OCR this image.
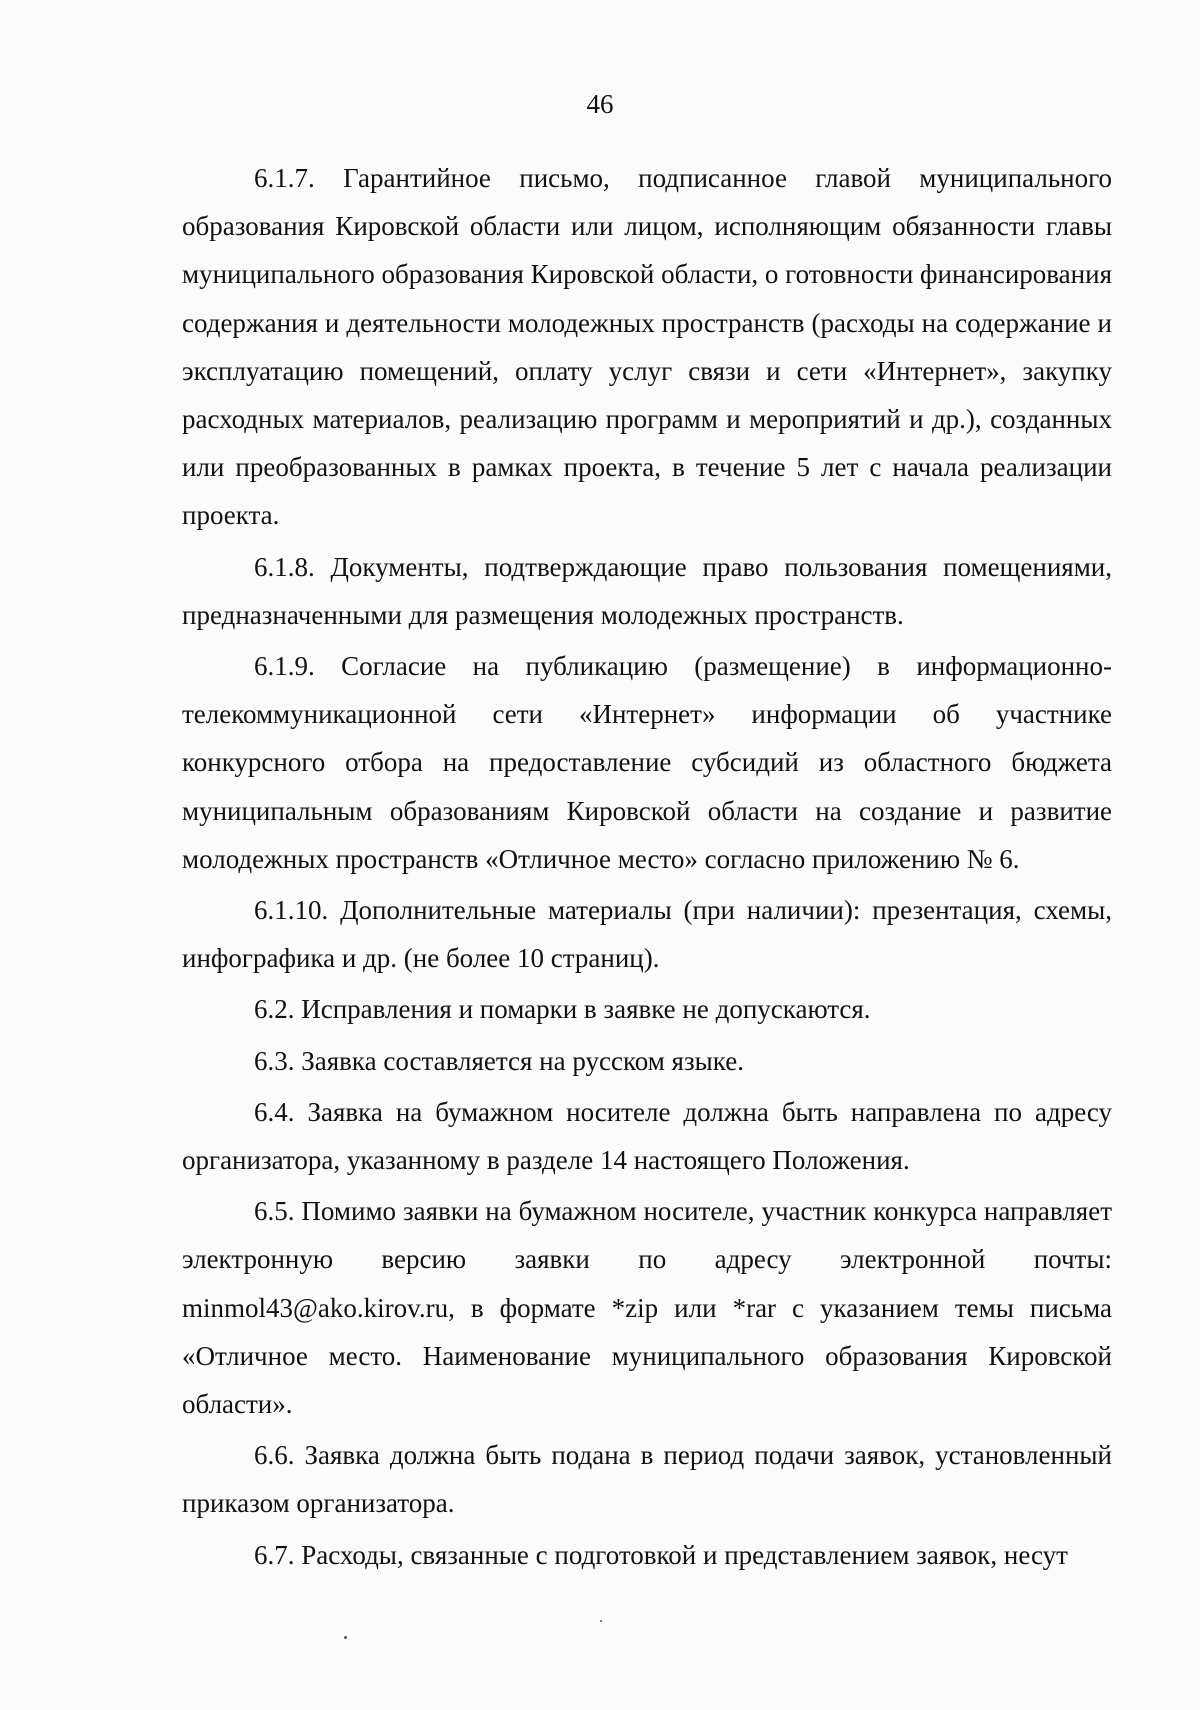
46

6.1.7. Гарантийное письмо, подписанное главой муниципального образования Кировской области или лицом, исполняющим обязанности главы муниципального образования Кировской области, о готовности финансирования содержания и деятельности молодежных пространств (расходы на содержание и эксплуатацию помещений, оплату услуг связи и сети «Интернет», закупку расходных материалов, реализацию программ и мероприятий и др.), созданных или преобразованных в рамках проекта, в течение 5 лет с начала реализации проекта.

6.1.8. Документы, подтверждающие право пользования помещениями, предназначенными для размещения молодежных пространств.

6.1.9. Согласие на публикацию (размещение) в информационно-телекоммуникационной сети «Интернет» информации об участнике конкурсного отбора на предоставление субсидий из областного бюджета муниципальным образованиям Кировской области на создание и развитие молодежных пространств «Отличное место» согласно приложению № 6.

6.1.10. Дополнительные материалы (при наличии): презентация, схемы, инфографика и др. (не более 10 страниц).

6.2. Исправления и помарки в заявке не допускаются.

6.3. Заявка составляется на русском языке.

6.4. Заявка на бумажном носителе должна быть направлена по адресу организатора, указанному в разделе 14 настоящего Положения.

6.5. Помимо заявки на бумажном носителе, участник конкурса направляет электронную версию заявки по адресу электронной почты: minmol43@ako.kirov.ru, в формате *zip или *rar с указанием темы письма «Отличное место. Наименование муниципального образования Кировской области».

6.6. Заявка должна быть подана в период подачи заявок, установленный приказом организатора.

6.7. Расходы, связанные с подготовкой и представлением заявок, несут
